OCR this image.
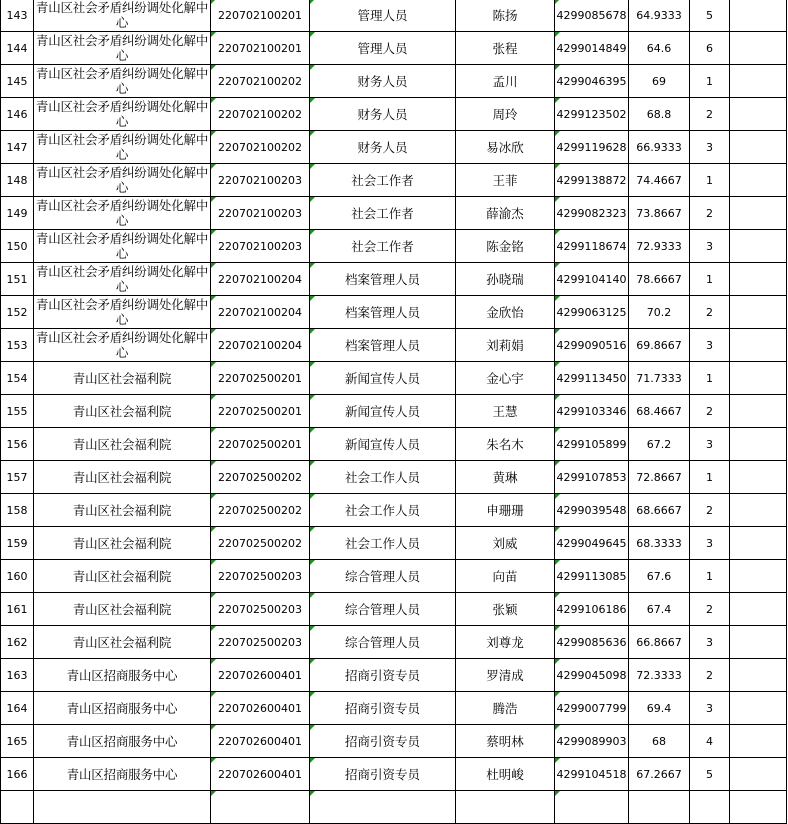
143	青山区社会矛盾纠纷调处化解中心	220702100201	管理人员	陈扬	4299085678	64.9333	5	
144	青山区社会矛盾纠纷调处化解中心	220702100201	管理人员	张程	4299014849	64.6	6	
145	青山区社会矛盾纠纷调处化解中心	220702100202	财务人员	孟川	4299046395	69	1	
146	青山区社会矛盾纠纷调处化解中心	220702100202	财务人员	周玲	4299123502	68.8	2	
147	青山区社会矛盾纠纷调处化解中心	220702100202	财务人员	易冰欣	4299119628	66.9333	3	
148	青山区社会矛盾纠纷调处化解中心	220702100203	社会工作者	王菲	4299138872	74.4667	1	
149	青山区社会矛盾纠纷调处化解中心	220702100203	社会工作者	薛渝杰	4299082323	73.8667	2	
150	青山区社会矛盾纠纷调处化解中心	220702100203	社会工作者	陈金铭	4299118674	72.9333	3	
151	青山区社会矛盾纠纷调处化解中心	220702100204	档案管理人员	孙晓瑞	4299104140	78.6667	1	
152	青山区社会矛盾纠纷调处化解中心	220702100204	档案管理人员	金欣怡	4299063125	70.2	2	
153	青山区社会矛盾纠纷调处化解中心	220702100204	档案管理人员	刘莉娟	4299090516	69.8667	3	
154	青山区社会福利院	220702500201	新闻宣传人员	金心宇	4299113450	71.7333	1	
155	青山区社会福利院	220702500201	新闻宣传人员	王慧	4299103346	68.4667	2	
156	青山区社会福利院	220702500201	新闻宣传人员	朱名木	4299105899	67.2	3	
157	青山区社会福利院	220702500202	社会工作人员	黄琳	4299107853	72.8667	1	
158	青山区社会福利院	220702500202	社会工作人员	申珊珊	4299039548	68.6667	2	
159	青山区社会福利院	220702500202	社会工作人员	刘威	4299049645	68.3333	3	
160	青山区社会福利院	220702500203	综合管理人员	向苗	4299113085	67.6	1	
161	青山区社会福利院	220702500203	综合管理人员	张颖	4299106186	67.4	2	
162	青山区社会福利院	220702500203	综合管理人员	刘尊龙	4299085636	66.8667	3	
163	青山区招商服务中心	220702600401	招商引资专员	罗清成	4299045098	72.3333	2	
164	青山区招商服务中心	220702600401	招商引资专员	腾浩	4299007799	69.4	3	
165	青山区招商服务中心	220702600401	招商引资专员	蔡明林	4299089903	68	4	
166	青山区招商服务中心	220702600401	招商引资专员	杜明峻	4299104518	67.2667	5	
